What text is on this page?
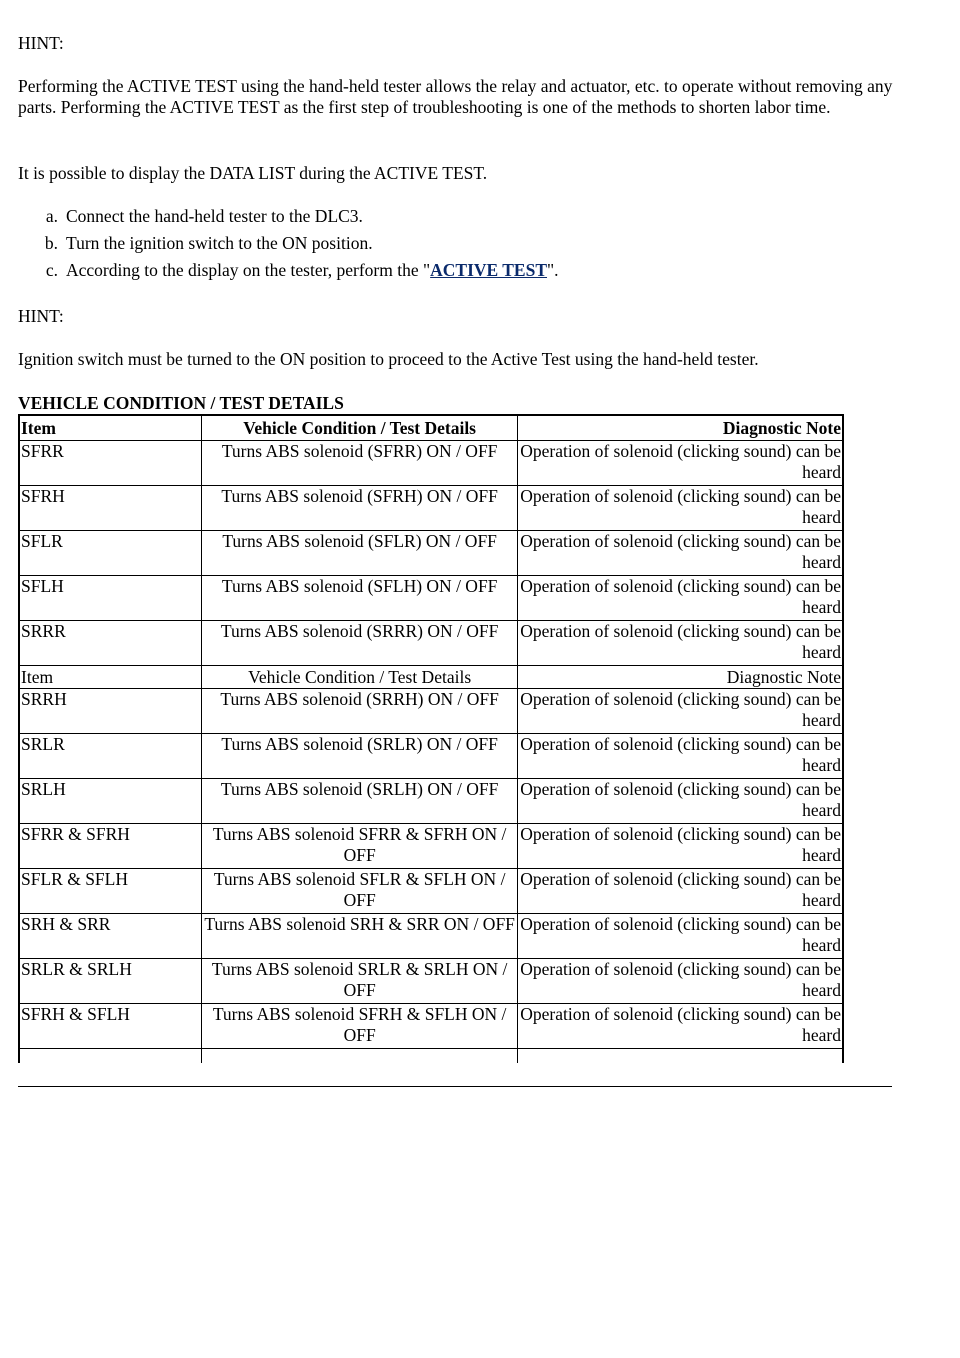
HINT:

Performing the ACTIVE TEST using the hand-held tester allows the relay and actuator, etc. to operate without removing any parts. Performing the ACTIVE TEST as the first step of troubleshooting is one of the methods to shorten labor time.

It is possible to display the DATA LIST during the ACTIVE TEST.

a. Connect the hand-held tester to the DLC3.
b. Turn the ignition switch to the ON position.
c. According to the display on the tester, perform the "ACTIVE TEST".

HINT:

Ignition switch must be turned to the ON position to proceed to the Active Test using the hand-held tester.

VEHICLE CONDITION / TEST DETAILS

Item	Vehicle Condition / Test Details	Diagnostic Note
SFRR	Turns ABS solenoid (SFRR) ON / OFF	Operation of solenoid (clicking sound) can be heard
SFRH	Turns ABS solenoid (SFRH) ON / OFF	Operation of solenoid (clicking sound) can be heard
SFLR	Turns ABS solenoid (SFLR) ON / OFF	Operation of solenoid (clicking sound) can be heard
SFLH	Turns ABS solenoid (SFLH) ON / OFF	Operation of solenoid (clicking sound) can be heard
SRRR	Turns ABS solenoid (SRRR) ON / OFF	Operation of solenoid (clicking sound) can be heard
Item	Vehicle Condition / Test Details	Diagnostic Note
SRRH	Turns ABS solenoid (SRRH) ON / OFF	Operation of solenoid (clicking sound) can be heard
SRLR	Turns ABS solenoid (SRLR) ON / OFF	Operation of solenoid (clicking sound) can be heard
SRLH	Turns ABS solenoid (SRLH) ON / OFF	Operation of solenoid (clicking sound) can be heard
SFRR & SFRH	Turns ABS solenoid SFRR & SFRH ON / OFF	Operation of solenoid (clicking sound) can be heard
SFLR & SFLH	Turns ABS solenoid SFLR & SFLH ON / OFF	Operation of solenoid (clicking sound) can be heard
SRH & SRR	Turns ABS solenoid SRH & SRR ON / OFF	Operation of solenoid (clicking sound) can be heard
SRLR & SRLH	Turns ABS solenoid SRLR & SRLH ON / OFF	Operation of solenoid (clicking sound) can be heard
SFRH & SFLH	Turns ABS solenoid SFRH & SFLH ON / OFF	Operation of solenoid (clicking sound) can be heard
